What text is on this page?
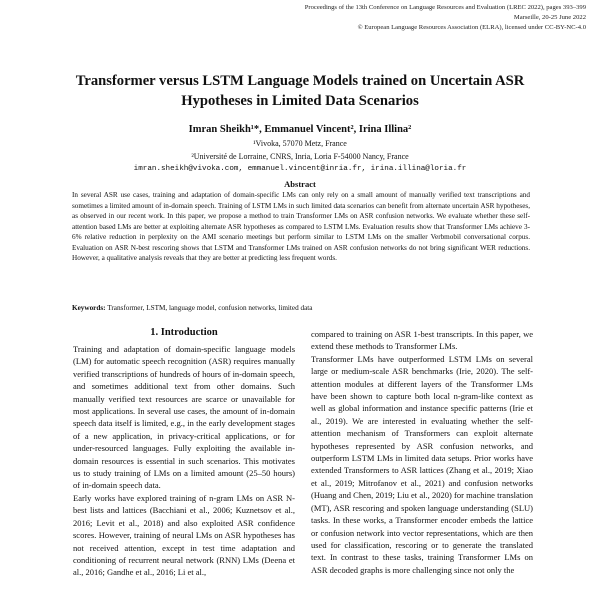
Proceedings of the 13th Conference on Language Resources and Evaluation (LREC 2022), pages 393–399
Marseille, 20-25 June 2022
© European Language Resources Association (ELRA), licensed under CC-BY-NC-4.0
Transformer versus LSTM Language Models trained on Uncertain ASR
Hypotheses in Limited Data Scenarios
Imran Sheikh¹*, Emmanuel Vincent², Irina Illina²
¹Vivoka, 57070 Metz, France
²Université de Lorraine, CNRS, Inria, Loria F-54000 Nancy, France
imran.sheikh@vivoka.com, emmanuel.vincent@inria.fr, irina.illina@loria.fr
Abstract

In several ASR use cases, training and adaptation of domain-specific LMs can only rely on a small amount of manually verified text transcriptions and sometimes a limited amount of in-domain speech. Training of LSTM LMs in such limited data scenarios can benefit from alternate uncertain ASR hypotheses, as observed in our recent work. In this paper, we propose a method to train Transformer LMs on ASR confusion networks. We evaluate whether these self-attention based LMs are better at exploiting alternate ASR hypotheses as compared to LSTM LMs. Evaluation results show that Transformer LMs achieve 3-6% relative reduction in perplexity on the AMI scenario meetings but perform similar to LSTM LMs on the smaller Verbmobil conversational corpus. Evaluation on ASR N-best rescoring shows that LSTM and Transformer LMs trained on ASR confusion networks do not bring significant WER reductions. However, a qualitative analysis reveals that they are better at predicting less frequent words.

Keywords: Transformer, LSTM, language model, confusion networks, limited data

1. Introduction

Training and adaptation of domain-specific language models (LM) for automatic speech recognition (ASR) requires manually verified transcriptions of hundreds of hours of in-domain speech, and sometimes additional text from other domains. Such manually verified text resources are scarce or unavailable for most applications. In several use cases, the amount of in-domain speech data itself is limited, e.g., in the early development stages of a new application, in privacy-critical applications, or for under-resourced languages. Fully exploiting the available in-domain resources is essential in such scenarios. This motivates us to study training of LMs on a limited amount (25–50 hours) of in-domain speech data.

Early works have explored training of n-gram LMs on ASR N-best lists and lattices (Bacchiani et al., 2006; Kuznetsov et al., 2016; Levit et al., 2018) and also exploited ASR confidence scores. However, training of neural LMs on ASR hypotheses has not received attention, except in test time adaptation and conditioning of recurrent neural network (RNN) LMs (Deena et al., 2016; Gandhe et al., 2016; Li et al.,

compared to training on ASR 1-best transcripts. In this paper, we extend these methods to Transformer LMs.

Transformer LMs have outperformed LSTM LMs on several large or medium-scale ASR benchmarks (Irie, 2020). The self-attention modules at different layers of the Transformer LMs have been shown to capture both local n-gram-like context as well as global information and instance specific patterns (Irie et al., 2019). We are interested in evaluating whether the self-attention mechanism of Transformers can exploit alternate hypotheses represented by ASR confusion networks, and outperform LSTM LMs in limited data setups. Prior works have extended Transformers to ASR lattices (Zhang et al., 2019; Xiao et al., 2019; Mitrofanov et al., 2021) and confusion networks (Huang and Chen, 2019; Liu et al., 2020) for machine translation (MT), ASR rescoring and spoken language understanding (SLU) tasks. In these works, a Transformer encoder embeds the lattice or confusion network into vector representations, which are then used for classification, rescoring or to generate the translated text. In contrast to these tasks, training Transformer LMs on ASR decoded graphs is more challenging since not only the
